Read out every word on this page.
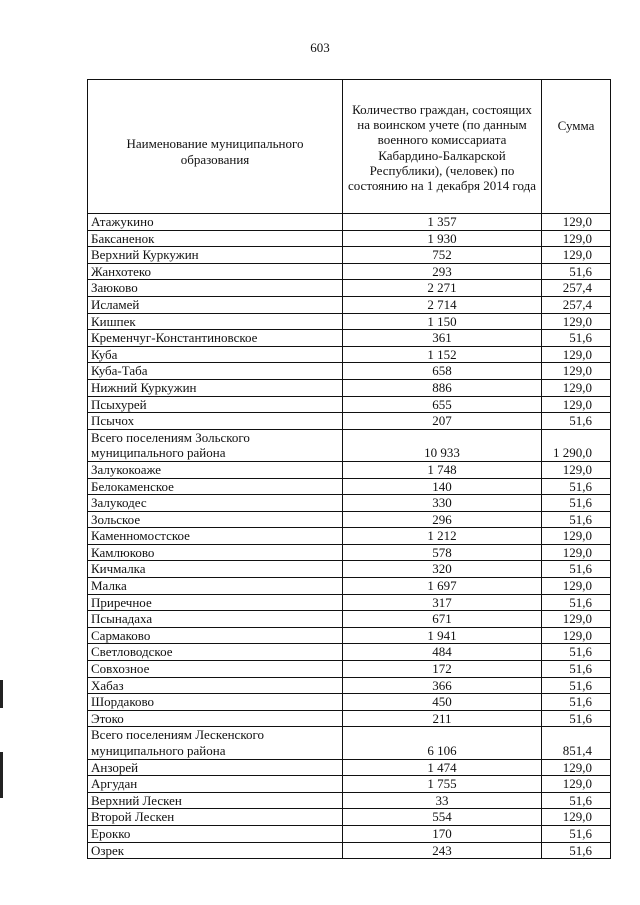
603
Наименование муниципального образования	Количество граждан, состоящих на воинском учете (по данным военного комиссариата Кабардино-Балкарской Республики), (человек) по состоянию на 1 декабря 2014 года	Сумма
Атажукино	1 357	129,0
Баксаненок	1 930	129,0
Верхний Куркужин	752	129,0
Жанхотеко	293	51,6
Заюково	2 271	257,4
Исламей	2 714	257,4
Кишпек	1 150	129,0
Кременчуг-Константиновское	361	51,6
Куба	1 152	129,0
Куба-Таба	658	129,0
Нижний Куркужин	886	129,0
Псыхурей	655	129,0
Псычох	207	51,6
Всего поселениям Зольского муниципального района	10 933	1 290,0
Залукокоаже	1 748	129,0
Белокаменское	140	51,6
Залукодес	330	51,6
Зольское	296	51,6
Каменномостское	1 212	129,0
Камлюково	578	129,0
Кичмалка	320	51,6
Малка	1 697	129,0
Приречное	317	51,6
Псынадаха	671	129,0
Сармаково	1 941	129,0
Светловодское	484	51,6
Совхозное	172	51,6
Хабаз	366	51,6
Шордаково	450	51,6
Этоко	211	51,6
Всего поселениям Лескенского муниципального района	6 106	851,4
Анзорей	1 474	129,0
Аргудан	1 755	129,0
Верхний Лескен	33	51,6
Второй Лескен	554	129,0
Ерокко	170	51,6
Озрек	243	51,6
